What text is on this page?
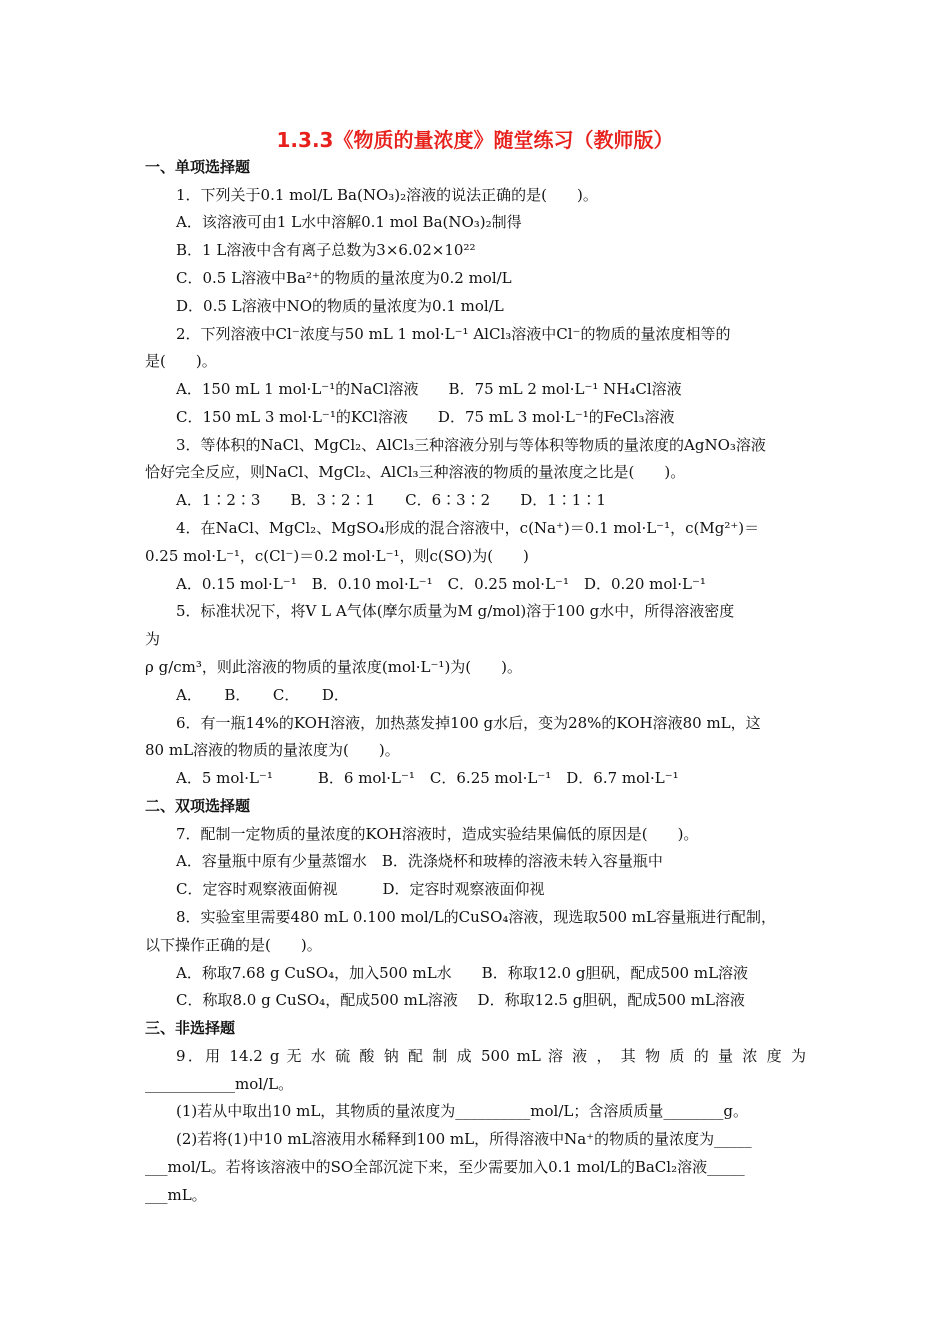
1.3.3《物质的量浓度》随堂练习（教师版）
一、单项选择题
1．下列关于0.1 mol/L Ba(NO₃)₂溶液的说法正确的是(　　)。
A．该溶液可由1 L水中溶解0.1 mol Ba(NO₃)₂制得
B．1 L溶液中含有离子总数为3×6.02×10²²
C．0.5 L溶液中Ba²⁺的物质的量浓度为0.2 mol/L
D．0.5 L溶液中NO的物质的量浓度为0.1 mol/L
2．下列溶液中Cl⁻浓度与50 mL 1 mol·L⁻¹ AlCl₃溶液中Cl⁻的物质的量浓度相等的
是(　　)。
A．150 mL 1 mol·L⁻¹的NaCl溶液　　B．75 mL 2 mol·L⁻¹ NH₄Cl溶液
C．150 mL 3 mol·L⁻¹的KCl溶液　　D．75 mL 3 mol·L⁻¹的FeCl₃溶液
3．等体积的NaCl、MgCl₂、AlCl₃三种溶液分别与等体积等物质的量浓度的AgNO₃溶液
恰好完全反应，则NaCl、MgCl₂、AlCl₃三种溶液的物质的量浓度之比是(　　)。
A．1∶2∶3　　B．3∶2∶1　　C．6∶3∶2　　D．1∶1∶1
4．在NaCl、MgCl₂、MgSO₄形成的混合溶液中，c(Na⁺)＝0.1 mol·L⁻¹，c(Mg²⁺)＝
0.25 mol·L⁻¹，c(Cl⁻)＝0.2 mol·L⁻¹，则c(SO)为(　　)
A．0.15 mol·L⁻¹　B．0.10 mol·L⁻¹　C．0.25 mol·L⁻¹　D．0.20 mol·L⁻¹
5．标准状况下，将V L A气体(摩尔质量为M g/mol)溶于100 g水中，所得溶液密度
为
ρ g/cm³，则此溶液的物质的量浓度(mol·L⁻¹)为(　　)。
A．　　B．　　C．　　D．
6．有一瓶14%的KOH溶液，加热蒸发掉100 g水后，变为28%的KOH溶液80 mL，这
80 mL溶液的物质的量浓度为(　　)。
A．5 mol·L⁻¹　　　B．6 mol·L⁻¹　C．6.25 mol·L⁻¹　D．6.7 mol·L⁻¹
二、双项选择题
7．配制一定物质的量浓度的KOH溶液时，造成实验结果偏低的原因是(　　)。
A．容量瓶中原有少量蒸馏水　B．洗涤烧杯和玻棒的溶液未转入容量瓶中
C．定容时观察液面俯视　　　D．定容时观察液面仰视
8．实验室里需要480 mL 0.100 mol/L的CuSO₄溶液，现选取500 mL容量瓶进行配制，
以下操作正确的是(　　)。
A．称取7.68 g CuSO₄，加入500 mL水　　B．称取12.0 g胆矾，配成500 mL溶液
C．称取8.0 g CuSO₄，配成500 mL溶液　 D．称取12.5 g胆矾，配成500 mL溶液
三、非选择题
9．用 14.2 g 无 水 硫 酸 钠 配 制 成 500 mL 溶 液 ， 其 物 质 的 量 浓 度 为
____________mol/L。
(1)若从中取出10 mL，其物质的量浓度为__________mol/L；含溶质质量________g。
(2)若将(1)中10 mL溶液用水稀释到100 mL，所得溶液中Na⁺的物质的量浓度为_____
___mol/L。若将该溶液中的SO全部沉淀下来，至少需要加入0.1 mol/L的BaCl₂溶液_____
___mL。
